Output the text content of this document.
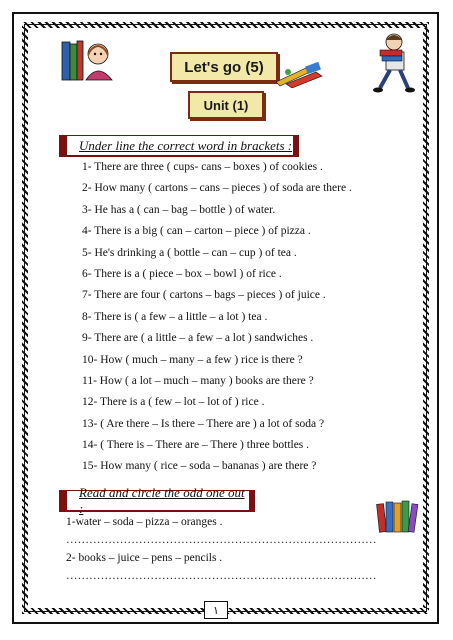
Let's go (5)
Unit (1)
Under line the correct word in brackets :
1- There are three ( cups- cans – boxes ) of cookies .
2- How many ( cartons – cans – pieces ) of soda are there .
3- He has a ( can – bag – bottle ) of water.
4- There is a big ( can – carton – piece ) of pizza .
5- He's drinking a ( bottle – can – cup ) of tea .
6- There is a ( piece – box – bowl ) of rice .
7- There are four ( cartons – bags – pieces ) of juice .
8- There is ( a few – a little – a lot ) tea .
9- There are ( a little – a few – a lot ) sandwiches .
10- How ( much – many – a few ) rice is there ?
11- How ( a lot – much – many ) books are there ?
12- There is a ( few – lot – lot of ) rice .
13- ( Are there – Is there – There are ) a lot of soda ?
14- ( There is – There are – There ) three bottles .
15- How many ( rice – soda – bananas ) are there ?
Read and circle the odd one out :
1-water – soda – pizza – oranges .
………………………………………………………………………
2- books – juice – pens – pencils .
………………………………………………………………………
١
